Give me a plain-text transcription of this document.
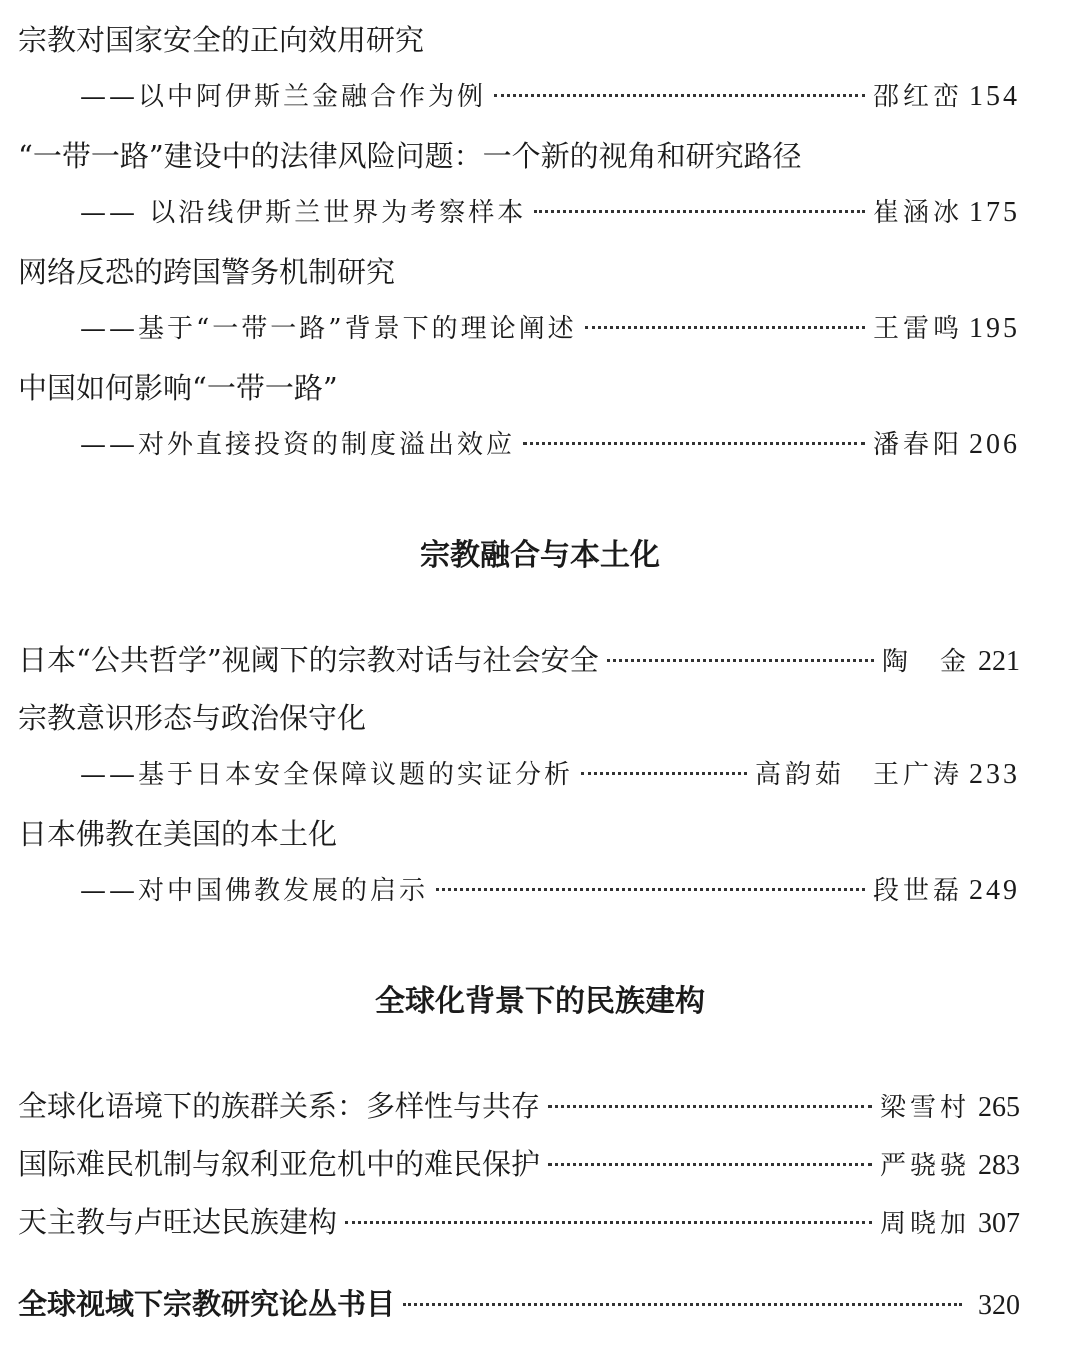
宗教对国家安全的正向效用研究
——以中阿伊斯兰金融合作为例	邵红峦 154
“一带一路”建设中的法律风险问题：一个新的视角和研究路径
—— 以沿线伊斯兰世界为考察样本	崔涵冰 175
网络反恐的跨国警务机制研究
——基于“一带一路”背景下的理论阐述	王雷鸣 195
中国如何影响“一带一路”
——对外直接投资的制度溢出效应	潘春阳 206
宗教融合与本土化
日本“公共哲学”视阈下的宗教对话与社会安全	陶 金 221
宗教意识形态与政治保守化
——基于日本安全保障议题的实证分析	高韵茹 王广涛 233
日本佛教在美国的本土化
——对中国佛教发展的启示	段世磊 249
全球化背景下的民族建构
全球化语境下的族群关系：多样性与共存	梁雪村 265
国际难民机制与叙利亚危机中的难民保护	严骁骁 283
天主教与卢旺达民族建构	周晓加 307
全球视域下宗教研究论丛书目	320
